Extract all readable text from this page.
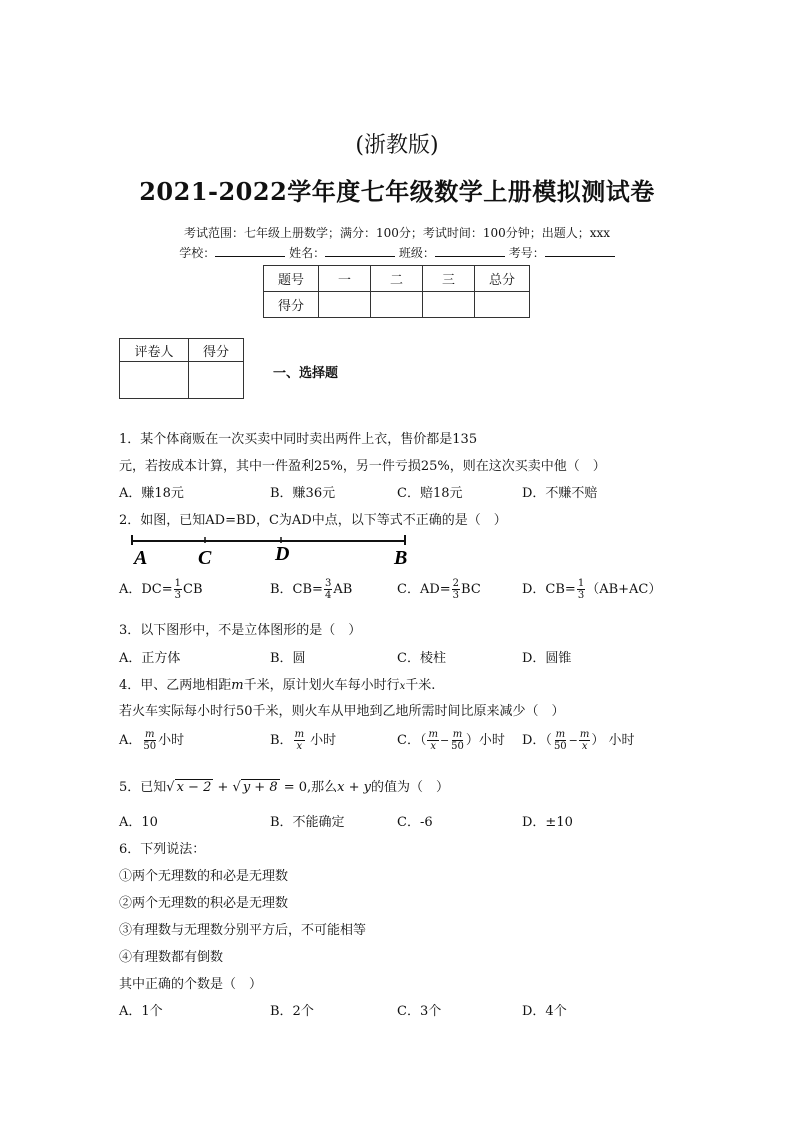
(浙教版)
2021-2022学年度七年级数学上册模拟测试卷
考试范围：七年级上册数学；满分：100分；考试时间：100分钟；出题人；xxx
学校：	姓名：	班级：	考号：
题号	一	二	三	总分
得分				
评卷人	得分

一、选择题
1．某个体商贩在一次买卖中同时卖出两件上衣，售价都是135
元，若按成本计算，其中一件盈利25%，另一件亏损25%，则在这次买卖中他（　）
A．赚18元	B．赚36元	C．赔18元	D．不赚不赔
2．如图，已知AD=BD，C为AD中点，以下等式不正确的是（　）
A	C	D	B
A．$DC= \frac{1}{3}$ CB	B．$CB= \frac{3}{4}$ AB	C．$AD= \frac{2}{3}$ BC	D．$CB= \frac{1}{3} (AB+AC)$
3．以下图形中，不是立体图形的是（　）
A．正方体	B．圆	C．棱柱	D．圆锥
4．甲、乙两地相距m千米，原计划火车每小时行x千米.
若火车实际每小时行50千米，则火车从甲地到乙地所需时间比原来减少（　）
A． $\frac{m}{50}$ 小时	B． $\frac{m}{x}$ 小时	C．（ $\frac{m}{x} - \frac{m}{50}$ ）小时 D．（ $\frac{m}{50} - \frac{m}{x}$ ） 小时
5．已知√ x − 2 + √ y + 8 = 0,那么x + y的值为（　）
A．10	B．不能确定	C．-6	D．±10
6．下列说法：
①两个无理数的和必是无理数
②两个无理数的积必是无理数
③有理数与无理数分别平方后，不可能相等
④有理数都有倒数
其中正确的个数是（　）
A．1个	B．2个	C．3个	D．4个
